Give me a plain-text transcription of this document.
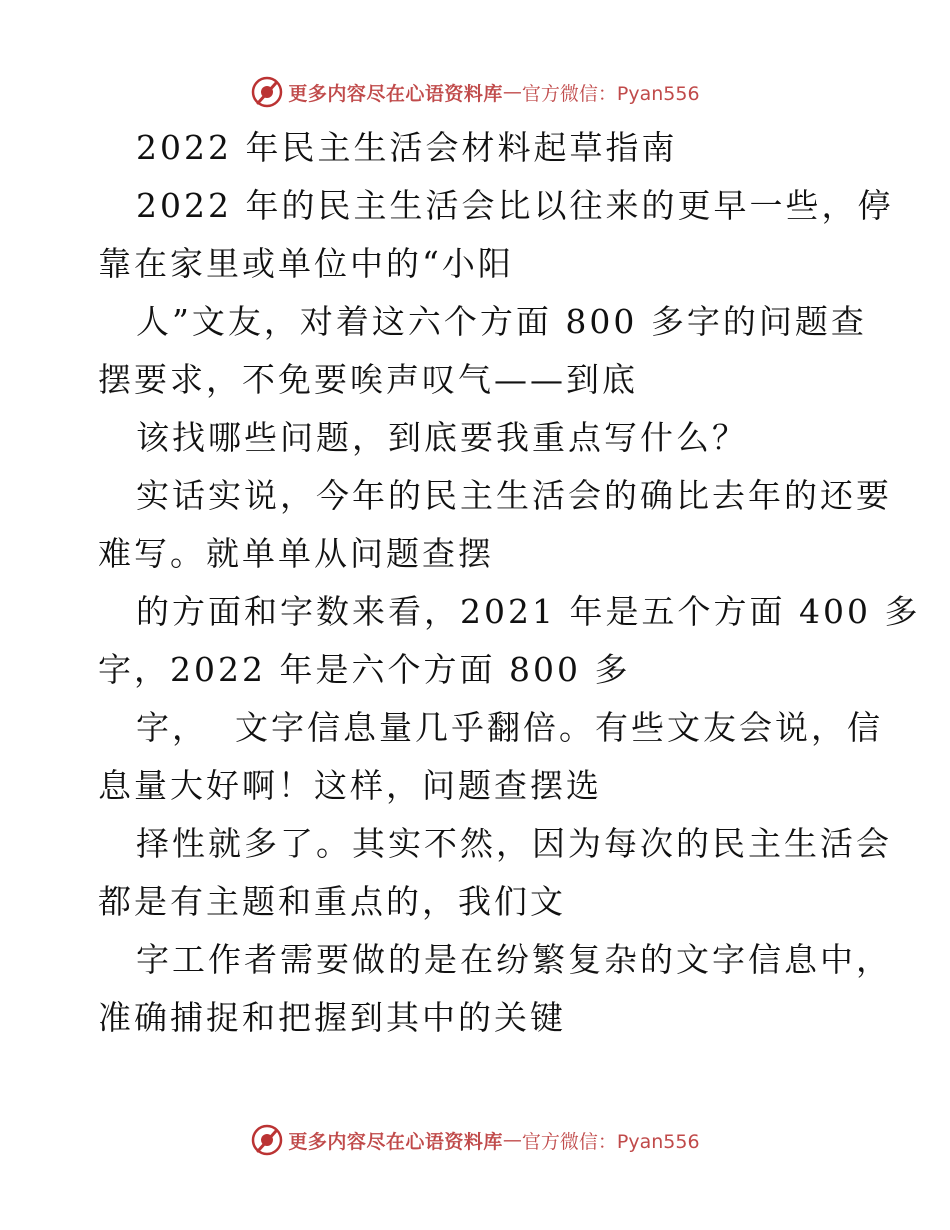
更多内容尽在心语资料库 — 官方微信：Pyan556
2022 年民主生活会材料起草指南
2022 年的民主生活会比以往来的更早一些，停
靠在家里或单位中的“小阳
人”文友，对着这六个方面 800 多字的问题查
摆要求，不免要唉声叹气——到底
该找哪些问题，到底要我重点写什么？
实话实说，今年的民主生活会的确比去年的还要
难写。就单单从问题查摆
的方面和字数来看，2021 年是五个方面 400 多
字，2022 年是六个方面 800 多
字，  文字信息量几乎翻倍。有些文友会说，信
息量大好啊！这样，问题查摆选
择性就多了。其实不然，因为每次的民主生活会
都是有主题和重点的，我们文
字工作者需要做的是在纷繁复杂的文字信息中，
准确捕捉和把握到其中的关键
更多内容尽在心语资料库 — 官方微信：Pyan556
